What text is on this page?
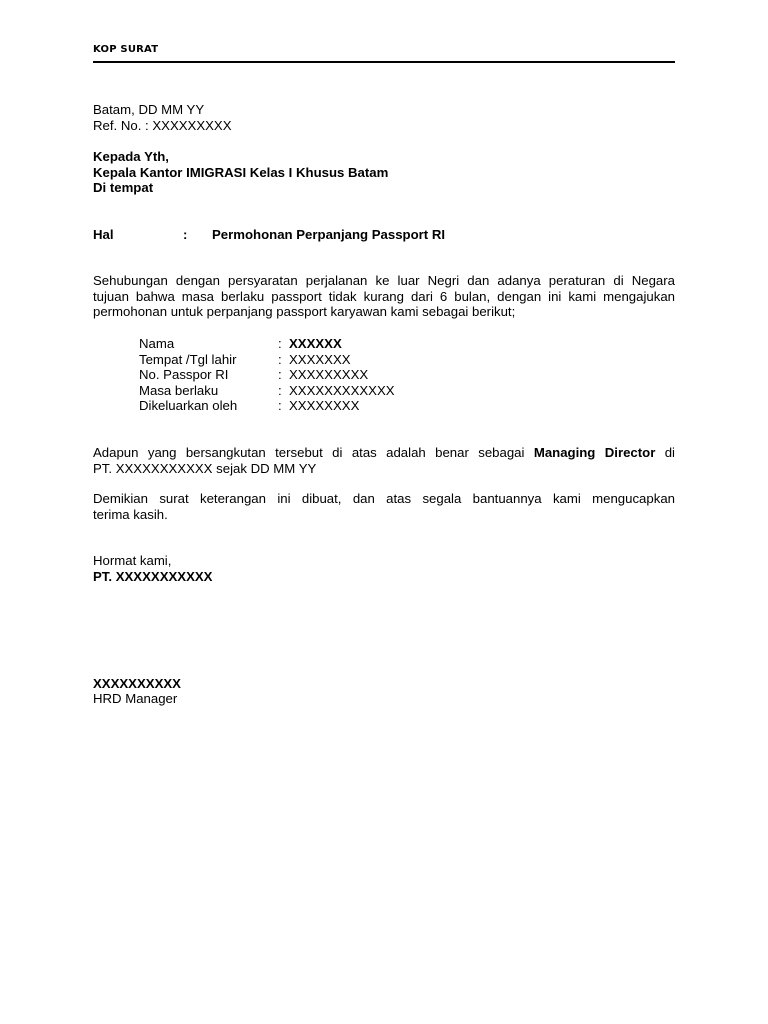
KOP SURAT
Batam, DD MM YY
Ref. No. : XXXXXXXXX
Kepada Yth,
Kepala Kantor IMIGRASI Kelas I Khusus Batam
Di tempat
Hal	: Permohonan Perpanjang Passport RI
Sehubungan dengan persyaratan perjalanan ke luar Negri dan adanya peraturan di Negara
tujuan bahwa masa berlaku passport tidak kurang dari 6 bulan, dengan ini kami mengajukan
permohonan untuk perpanjang passport karyawan kami sebagai berikut;
Nama	: XXXXXX
Tempat /Tgl lahir	: XXXXXXX
No. Passpor RI	: XXXXXXXXX
Masa berlaku	: XXXXXXXXXXXX
Dikeluarkan oleh	: XXXXXXXX
Adapun yang bersangkutan tersebut di atas adalah benar sebagai Managing Director di
PT. XXXXXXXXXXX sejak DD MM YY
Demikian surat keterangan ini dibuat, dan atas segala bantuannya kami mengucapkan
terima kasih.
Hormat kami,
PT. XXXXXXXXXXX
XXXXXXXXXX
HRD Manager
